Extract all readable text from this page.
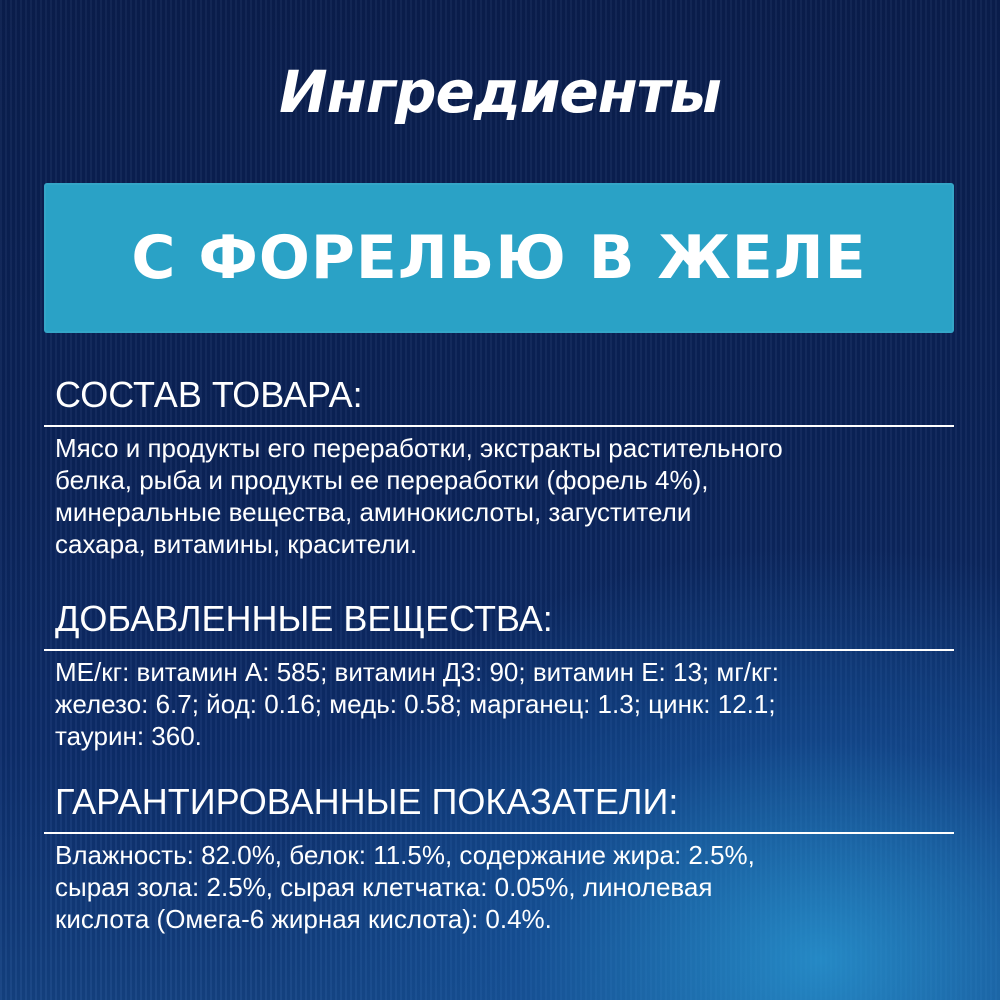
Ингредиенты
С ФОРЕЛЬЮ В ЖЕЛЕ
СОСТАВ ТОВАРА:
Мясо и продукты его переработки, экстракты растительного
белка, рыба и продукты ее переработки (форель 4%),
минеральные вещества, аминокислоты, загустители
сахара, витамины, красители.
ДОБАВЛЕННЫЕ ВЕЩЕСТВА:
МЕ/кг: витамин А: 585; витамин Д3: 90; витамин Е: 13; мг/кг:
железо: 6.7; йод: 0.16; медь: 0.58; марганец: 1.3; цинк: 12.1;
таурин: 360.
ГАРАНТИРОВАННЫЕ ПОКАЗАТЕЛИ:
Влажность: 82.0%, белок: 11.5%, содержание жира: 2.5%,
сырая зола: 2.5%, сырая клетчатка: 0.05%, линолевая
кислота (Омега-6 жирная кислота): 0.4%.
